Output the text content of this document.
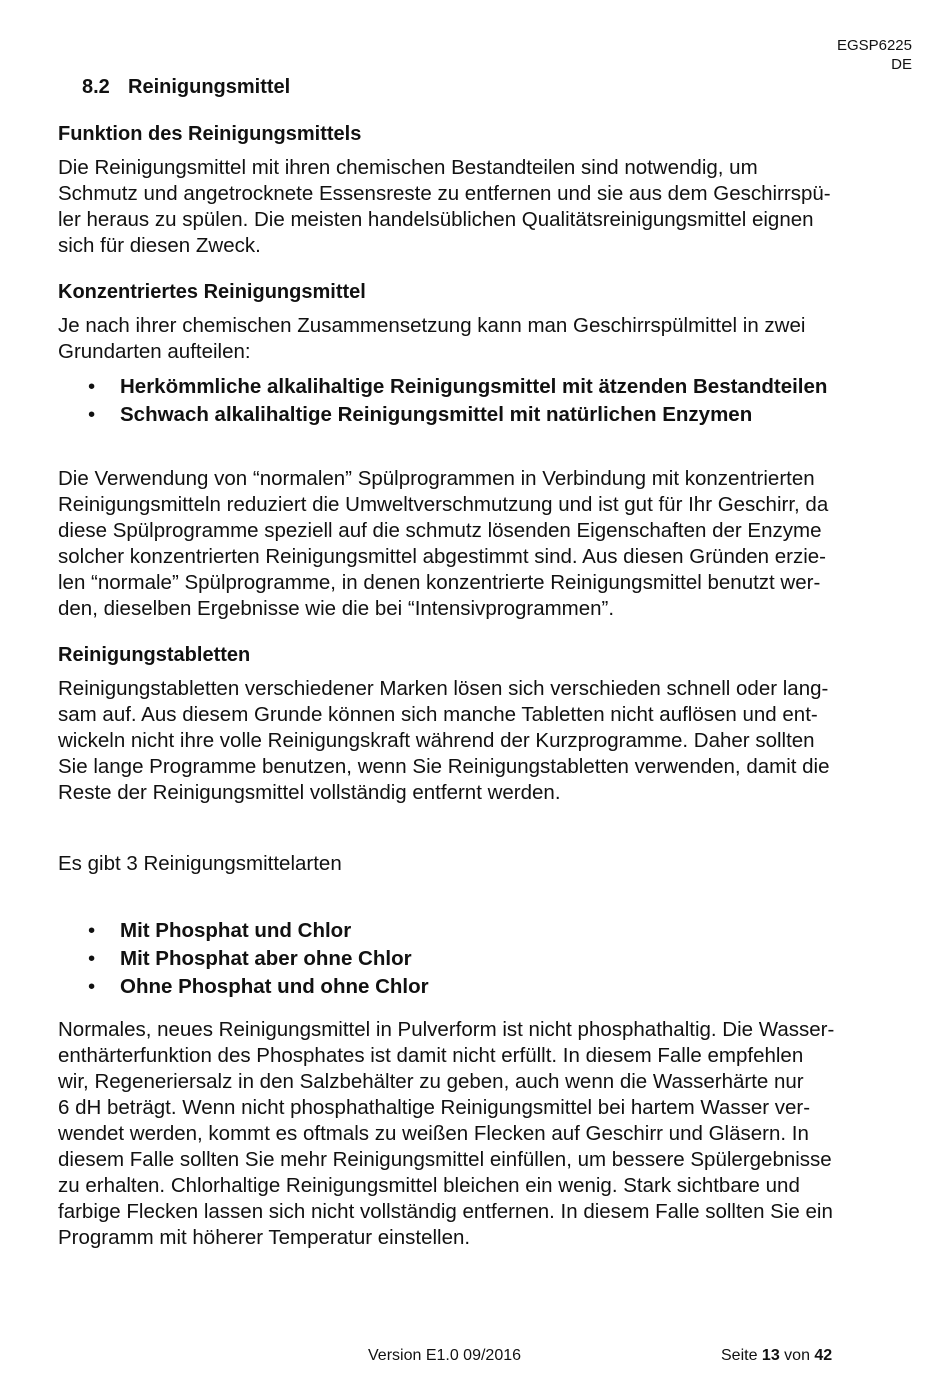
EGSP6225
DE
8.2 Reinigungsmittel
Funktion des Reinigungsmittels

Die Reinigungsmittel mit ihren chemischen Bestandteilen sind notwendig, um
Schmutz und angetrocknete Essensreste zu entfernen und sie aus dem Geschirrspü-
ler heraus zu spülen. Die meisten handelsüblichen Qualitätsreinigungsmittel eignen
sich für diesen Zweck.

Konzentriertes Reinigungsmittel

Je nach ihrer chemischen Zusammensetzung kann man Geschirrspülmittel in zwei
Grundarten aufteilen:

• Herkömmliche alkalihaltige Reinigungsmittel mit ätzenden Bestandteilen
• Schwach alkalihaltige Reinigungsmittel mit natürlichen Enzymen

Die Verwendung von “normalen” Spülprogrammen in Verbindung mit konzentrierten
Reinigungsmitteln reduziert die Umweltverschmutzung und ist gut für Ihr Geschirr, da
diese Spülprogramme speziell auf die schmutz lösenden Eigenschaften der Enzyme
solcher konzentrierten Reinigungsmittel abgestimmt sind. Aus diesen Gründen erzie-
len “normale” Spülprogramme, in denen konzentrierte Reinigungsmittel benutzt wer-
den, dieselben Ergebnisse wie die bei “Intensivprogrammen”.

Reinigungstabletten

Reinigungstabletten verschiedener Marken lösen sich verschieden schnell oder lang-
sam auf. Aus diesem Grunde können sich manche Tabletten nicht auflösen und ent-
wickeln nicht ihre volle Reinigungskraft während der Kurzprogramme. Daher sollten
Sie lange Programme benutzen, wenn Sie Reinigungstabletten verwenden, damit die
Reste der Reinigungsmittel vollständig entfernt werden.

Es gibt 3 Reinigungsmittelarten

• Mit Phosphat und Chlor
• Mit Phosphat aber ohne Chlor
• Ohne Phosphat und ohne Chlor

Normales, neues Reinigungsmittel in Pulverform ist nicht phosphathaltig. Die Wasser-
enthärterfunktion des Phosphates ist damit nicht erfüllt. In diesem Falle empfehlen
wir, Regeneriersalz in den Salzbehälter zu geben, auch wenn die Wasserhärte nur
6 dH beträgt. Wenn nicht phosphathaltige Reinigungsmittel bei hartem Wasser ver-
wendet werden, kommt es oftmals zu weißen Flecken auf Geschirr und Gläsern. In
diesem Falle sollten Sie mehr Reinigungsmittel einfüllen, um bessere Spülergebnisse
zu erhalten. Chlorhaltige Reinigungsmittel bleichen ein wenig. Stark sichtbare und
farbige Flecken lassen sich nicht vollständig entfernen. In diesem Falle sollten Sie ein
Programm mit höherer Temperatur einstellen.

Version E1.0 09/2016	Seite 13 von 42
